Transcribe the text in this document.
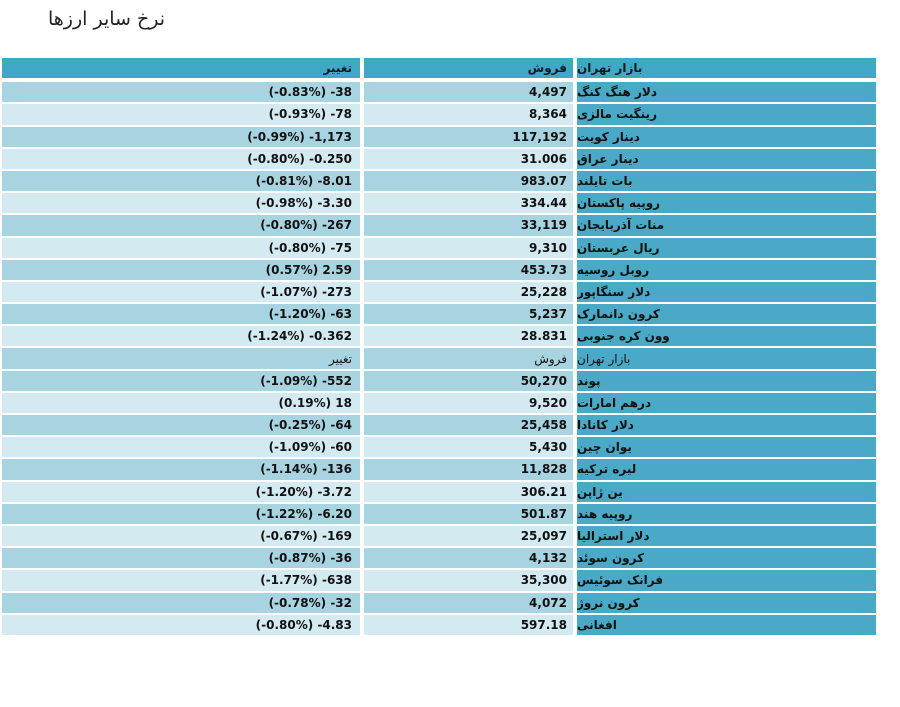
نرخ سایر ارزها
تغییر	فروش بازار تهران
(-0.83%) -38	4,497 دلار هنگ کنگ
(-0.93%) -78	8,364 رینگیت مالزی
(-0.99%) -1,173	117,192 دینار کویت
(-0.80%) -0.250	31.006 دینار عراق
(-0.81%) -8.01	983.07 بات تایلند
(-0.98%) -3.30	334.44 روپیه پاکستان
(-0.80%) -267	33,119 منات آذربایجان
(-0.80%) -75	9,310 ریال عربستان
(0.57%) 2.59	453.73 روبل روسیه
(-1.07%) -273	25,228 دلار سنگاپور
(-1.20%) -63	5,237 کرون دانمارک
(-1.24%) -0.362	28.831 وون کره جنوبی
تغییر	فروش بازار تهران
(-1.09%) -552	50,270 پوند
(0.19%) 18	9,520 درهم امارات
(-0.25%) -64	25,458 دلار کانادا
(-1.09%) -60	5,430 یوان چین
(-1.14%) -136	11,828 لیره ترکیه
(-1.20%) -3.72	306.21 ین ژاپن
(-1.22%) -6.20	501.87 روپیه هند
(-0.67%) -169	25,097 دلار استرالیا
(-0.87%) -36	4,132 کرون سوئد
(-1.77%) -638	35,300 فرانک سوئیس
(-0.78%) -32	4,072 کرون نروژ
(-0.80%) -4.83	597.18 افغانی
